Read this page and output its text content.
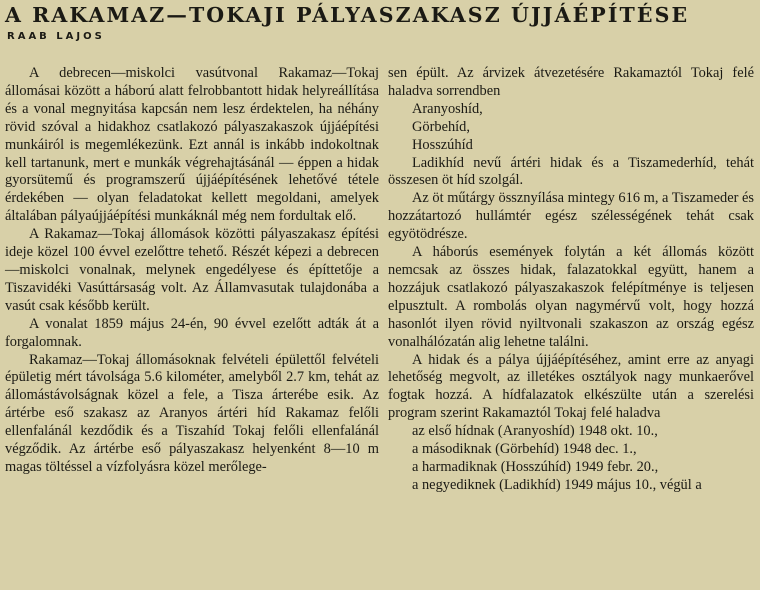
A RAKAMAZ—TOKAJI PÁLYASZAKASZ ÚJJÁÉPÍTÉSE
RAAB LAJOS

A debrecen—miskolci vasútvonal Rakamaz—Tokaj állomásai között a háború alatt felrobbantott hidak helyreállítása és a vonal megnyitása kapcsán nem lesz érdektelen, ha néhány rövid szóval a hidakhoz csatlakozó pályaszakaszok újjáépítési munkáiról is megemlékezünk. Ezt annál is inkább indokoltnak kell tartanunk, mert e munkák végrehajtásánál — éppen a hidak gyorsütemű és programszerű újjáépítésének lehetővé tétele érdekében — olyan feladatokat kellett megoldani, amelyek általában pályaújjáépítési munkáknál még nem fordultak elő.

A Rakamaz—Tokaj állomások közötti pályaszakasz építési ideje közel 100 évvel ezelőttre tehető. Részét képezi a debrecen—miskolci vonalnak, melynek engedélyese és építtetője a Tiszavidéki Vasúttársaság volt. Az Államvasutak tulajdonába a vasút csak később került.

A vonalat 1859 május 24-én, 90 évvel ezelőtt adták át a forgalomnak.

Rakamaz—Tokaj állomásoknak felvételi épülettől felvételi épületig mért távolsága 5.6 kilométer, amelyből 2.7 km, tehát az állomástávolságnak közel a fele, a Tisza árterébe esik. Az ártérbe eső szakasz az Aranyos ártéri híd Rakamaz felőli ellenfalánál kezdődik és a Tiszahíd Tokaj felőli ellenfalánál végződik. Az ártérbe eső pályaszakasz helyenként 8—10 m magas töltéssel a vízfolyásra közel merőlege-

sen épült. Az árvizek átvezetésére Rakamaztól Tokaj felé haladva sorrendben

Aranyoshíd,
Görbehíd,
Hosszúhíd

Ladikhíd nevű ártéri hidak és a Tiszamederhíd, tehát összesen öt híd szolgál.

Az öt műtárgy össznyílása mintegy 616 m, a Tiszameder és hozzátartozó hullámtér egész szélességének tehát csak egyötödrésze.

A háborús események folytán a két állomás között nemcsak az összes hidak, falazatokkal együtt, hanem a hozzájuk csatlakozó pályaszakaszok felépítménye is teljesen elpusztult. A rombolás olyan nagymérvű volt, hogy hozzá hasonlót ilyen rövid nyiltvonali szakaszon az ország egész vonalhálózatán alig lehetne találni.

A hidak és a pálya újjáépítéséhez, amint erre az anyagi lehetőség megvolt, az illetékes osztályok nagy munkaerővel fogtak hozzá. A hídfalazatok elkészülte után a szerelési program szerint Rakamaztól Tokaj felé haladva

az első hídnak (Aranyoshíd) 1948 okt. 10.,
a másodiknak (Görbehíd) 1948 dec. 1.,
a harmadiknak (Hosszúhíd) 1949 febr. 20.,
a negyediknek (Ladikhíd) 1949 május 10., végül a
